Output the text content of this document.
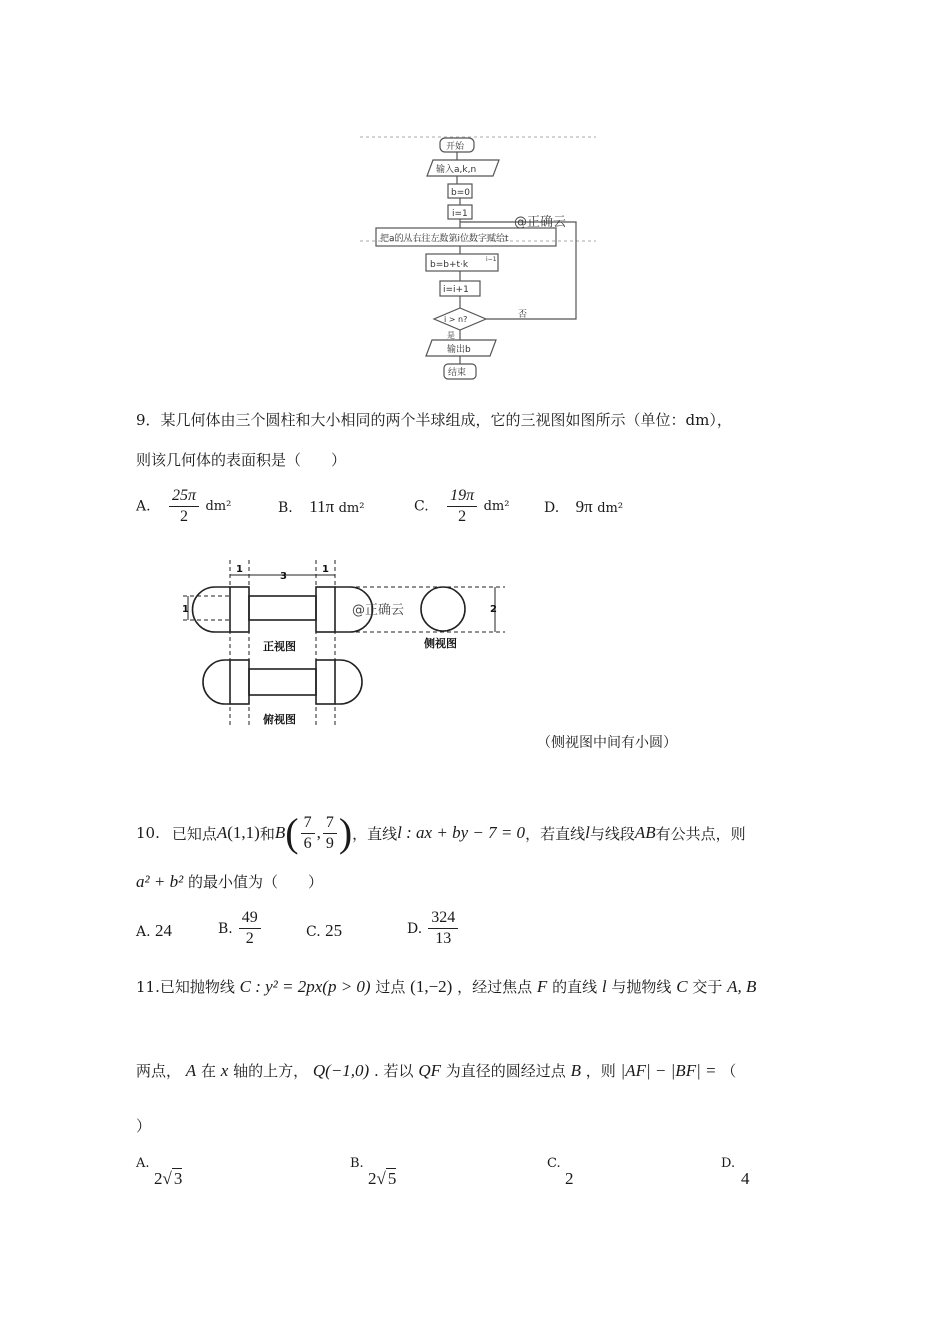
开始
输入a,k,n
b=0
i=1
把a的从右往左数第i位数字赋给t
b=b+t·k
i−1
i=i+1
i > n?
是
否
输出b
结束
@正确云
9．某几何体由三个圆柱和大小相同的两个半球组成，它的三视图如图所示（单位：dm），
则该几何体的表面积是（　　）
A. $\frac{25\pi}{2} dm^2$	B. 11π dm²	C. $\frac{19\pi}{2} dm^2$ D. 9π dm²
1
3
1
1	2
正视图	侧视图
俯视图
@正确云
（侧视图中间有小圆）
10. 已知点 A (1,1) 和 B ( $\frac{7}{6}$ , $\frac{7}{9}$ ) ，直线 l : ax + by − 7 = 0 ，若直线 l 与线段 AB 有公共点，则
a² + b² 的最小值为（　　）
A. 24	B. $\frac{49}{2}$	C. 25	D. $\frac{324}{13}$
11.已知抛物线 C : y² = 2px(p > 0) 过点 (1,−2) ，经过焦点 F 的直线 l 与抛物线 C 交于 A, B
两点， A 在 x 轴的上方， Q(−1,0) . 若以 QF 为直径的圆经过点 B ，则 |AF| − |BF| = （
）
A.
2√ 3
B.
2√ 5
C.
2
D.
4
